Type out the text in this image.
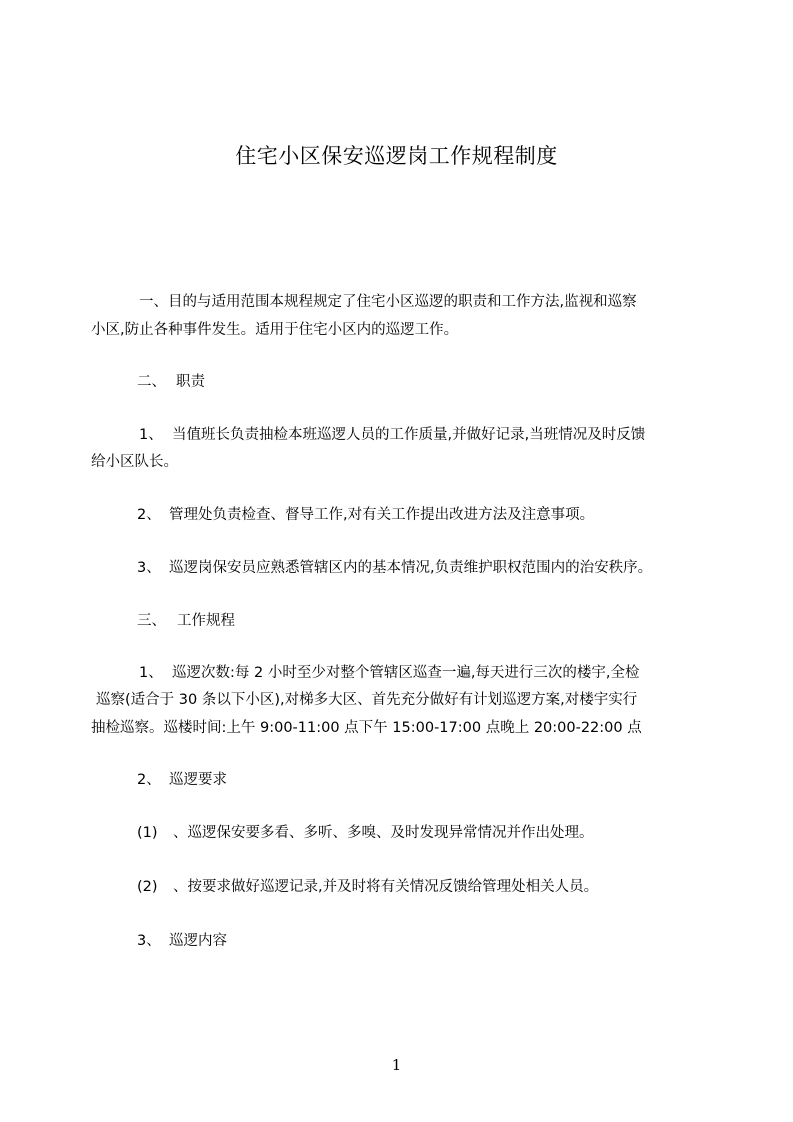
住宅小区保安巡逻岗工作规程制度
一、目的与适用范围本规程规定了住宅小区巡逻的职责和工作方法,监视和巡察
小区,防止各种事件发生。适用于住宅小区内的巡逻工作。
二、 职责
1、 当值班长负责抽检本班巡逻人员的工作质量,并做好记录,当班情况及时反馈
给小区队长。
2、 管理处负责检查、督导工作,对有关工作提出改进方法及注意事项。
3、 巡逻岗保安员应熟悉管辖区内的基本情况,负责维护职权范围内的治安秩序。
三、 工作规程
1、 巡逻次数:每 2 小时至少对整个管辖区巡查一遍,每天进行三次的楼宇,全检
巡察(适合于 30 条以下小区),对梯多大区、首先充分做好有计划巡逻方案,对楼宇实行
抽检巡察。巡楼时间:上午 9:00-11:00 点下午 15:00-17:00 点晚上 20:00-22:00 点
2、 巡逻要求
(1) 、巡逻保安要多看、多听、多嗅、及时发现异常情况并作出处理。
(2) 、按要求做好巡逻记录,并及时将有关情况反馈给管理处相关人员。
3、 巡逻内容
1
